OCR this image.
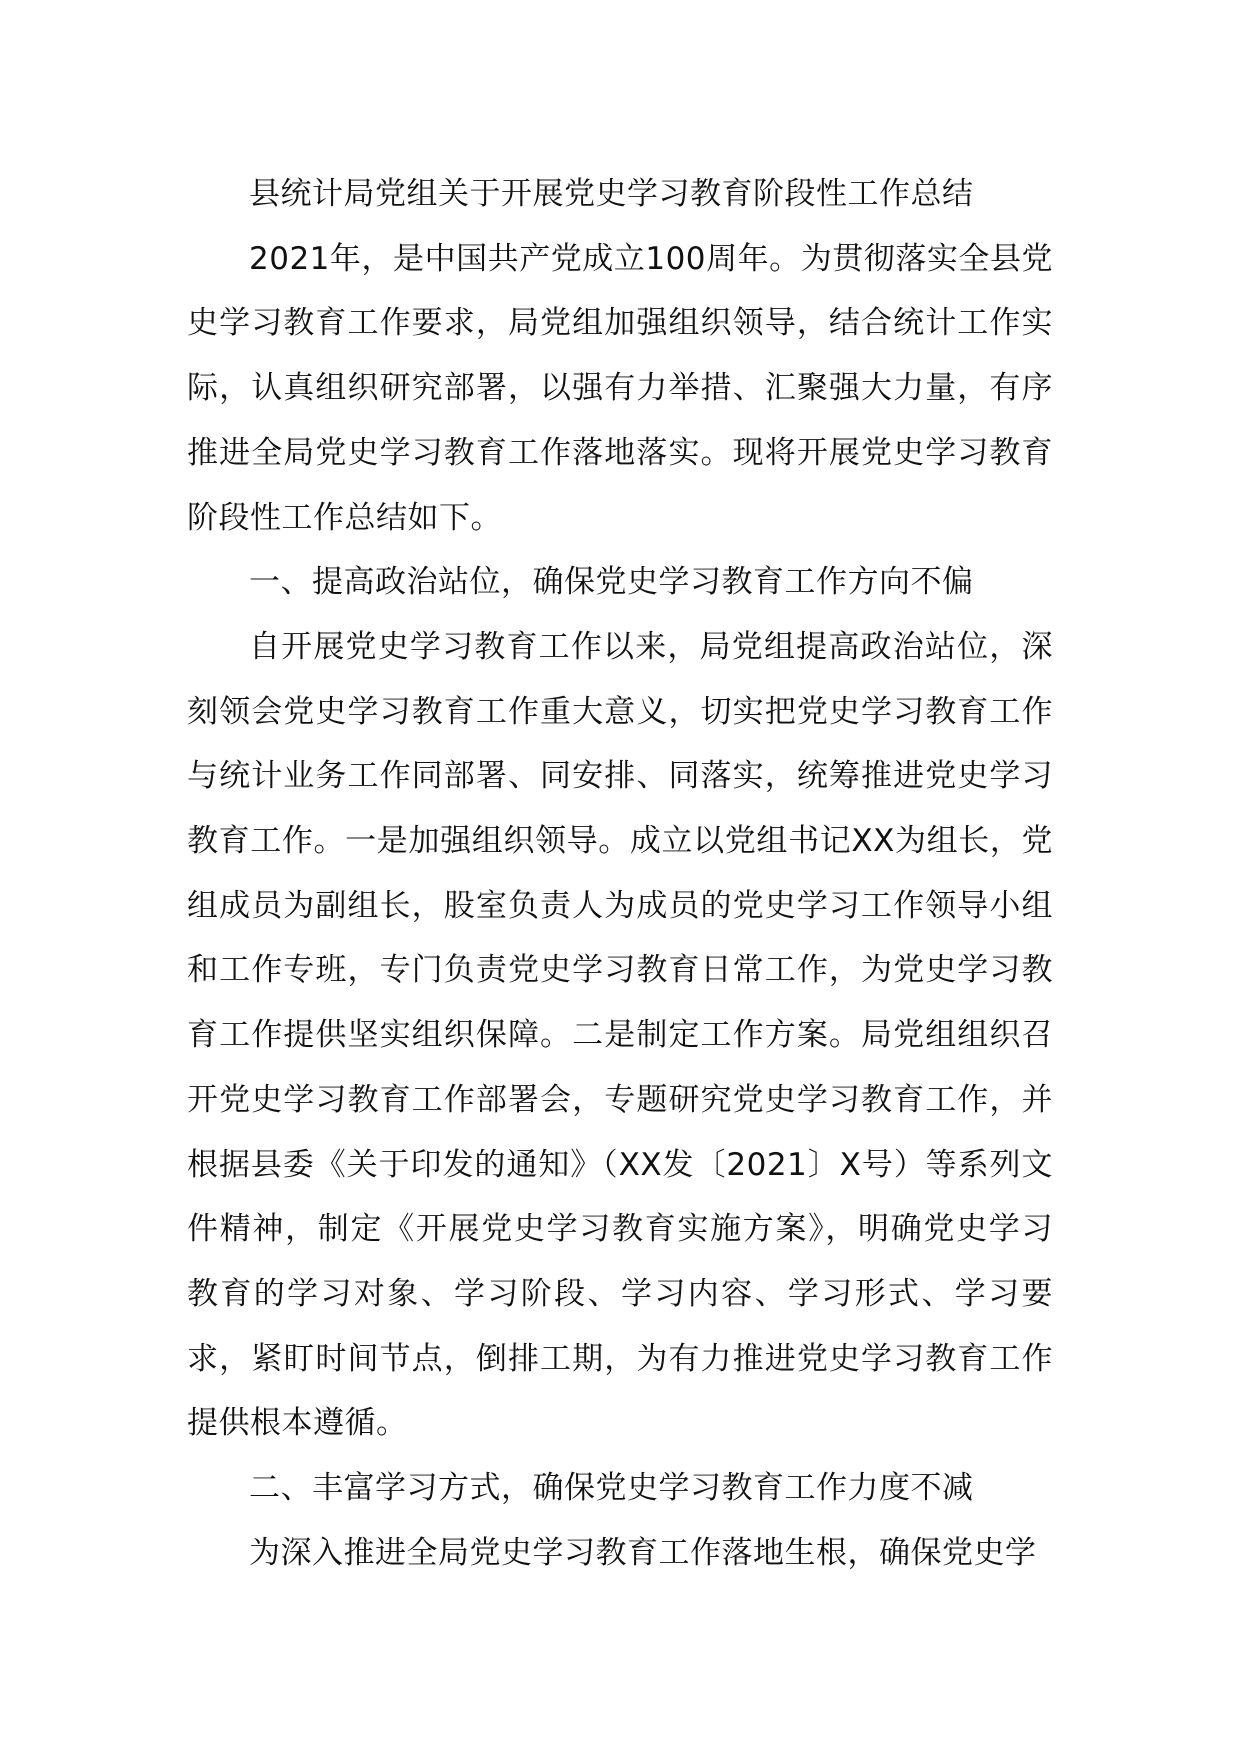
县统计局党组关于开展党史学习教育阶段性工作总结

2021年，是中国共产党成立100周年。为贯彻落实全县党史学习教育工作要求，局党组加强组织领导，结合统计工作实际，认真组织研究部署，以强有力举措、汇聚强大力量，有序推进全局党史学习教育工作落地落实。现将开展党史学习教育阶段性工作总结如下。

一、提高政治站位，确保党史学习教育工作方向不偏

自开展党史学习教育工作以来，局党组提高政治站位，深刻领会党史学习教育工作重大意义，切实把党史学习教育工作与统计业务工作同部署、同安排、同落实，统筹推进党史学习教育工作。一是加强组织领导。成立以党组书记XX为组长，党组成员为副组长，股室负责人为成员的党史学习工作领导小组和工作专班，专门负责党史学习教育日常工作，为党史学习教育工作提供坚实组织保障。二是制定工作方案。局党组组织召开党史学习教育工作部署会，专题研究党史学习教育工作，并根据县委《关于印发的通知》（XX发〔2021〕X号）等系列文件精神，制定《开展党史学习教育实施方案》，明确党史学习教育的学习对象、学习阶段、学习内容、学习形式、学习要求，紧盯时间节点，倒排工期，为有力推进党史学习教育工作提供根本遵循。

二、丰富学习方式，确保党史学习教育工作力度不减

为深入推进全局党史学习教育工作落地生根，确保党史学
